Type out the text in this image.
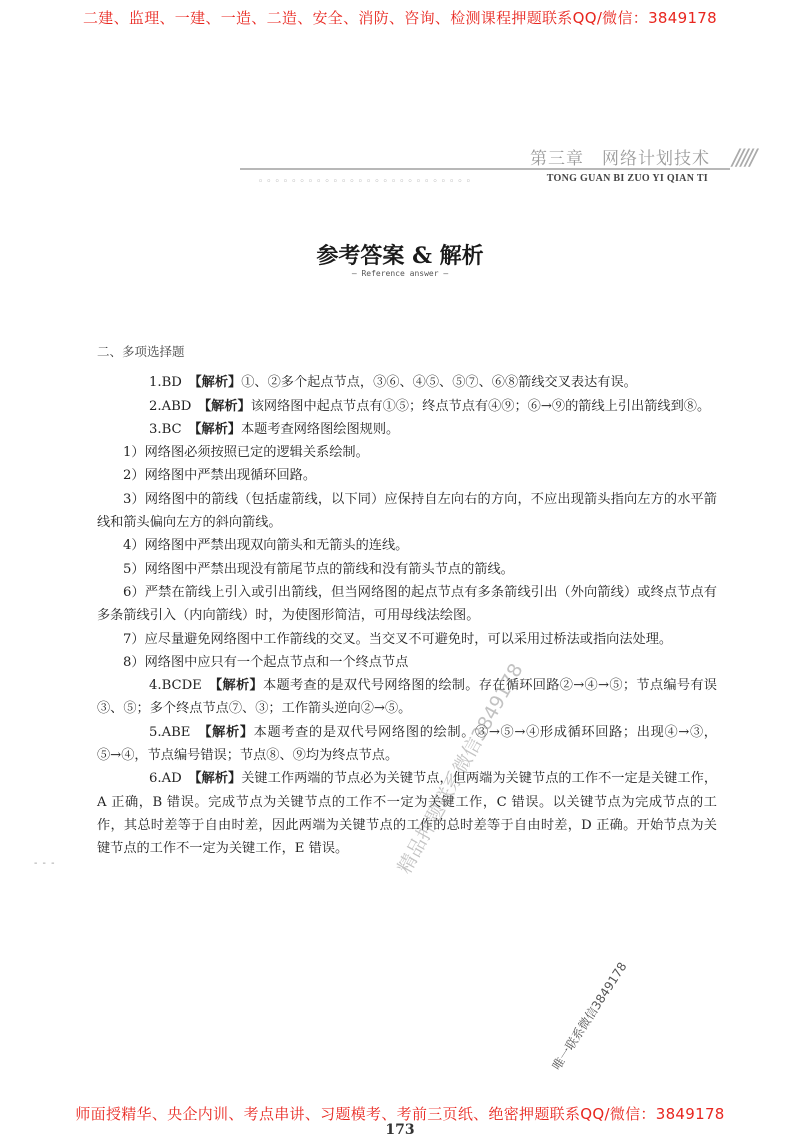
二建、监理、一建、一造、二造、安全、消防、咨询、检测课程押题联系QQ/微信：3849178
第三章　网络计划技术 /////
◦◦◦◦◦◦◦◦◦◦◦◦◦◦◦◦◦◦◦◦◦◦◦◦◦◦	TONG GUAN BI ZUO YI QIAN TI
参考答案 & 解析
— Reference answer —
二、多项选择题

1.BD　 【解析】①、②多个起点节点，③⑥、④⑤、⑤⑦、⑥⑧箭线交叉表达有误。

2.ABD　 【解析】该网络图中起点节点有①⑤；终点节点有④⑨；⑥→⑨的箭线上引出箭线到⑧。

3.BC　 【解析】本题考查网络图绘图规则。

1）网络图必须按照已定的逻辑关系绘制。

2）网络图中严禁出现循环回路。

3）网络图中的箭线（包括虚箭线，以下同）应保持自左向右的方向，不应出现箭头指向左方的水平箭线和箭头偏向左方的斜向箭线。

4）网络图中严禁出现双向箭头和无箭头的连线。

5）网络图中严禁出现没有箭尾节点的箭线和没有箭头节点的箭线。

6）严禁在箭线上引入或引出箭线，但当网络图的起点节点有多条箭线引出（外向箭线）或终点节点有多条箭线引入（内向箭线）时，为使图形简洁，可用母线法绘图。

7）应尽量避免网络图中工作箭线的交叉。当交叉不可避免时，可以采用过桥法或指向法处理。

8）网络图中应只有一个起点节点和一个终点节点

4.BCDE　 【解析】本题考查的是双代号网络图的绘制。存在循环回路②→④→⑤；节点编号有误③、⑤；多个终点节点⑦、③；工作箭头逆向②→⑤。

5.ABE　 【解析】本题考查的是双代号网络图的绘制。③→⑤→④形成循环回路；出现④→③，⑤→④，节点编号错误；节点⑧、⑨均为终点节点。

6.AD　 【解析】关键工作两端的节点必为关键节点，但两端为关键节点的工作不一定是关键工作，A 正确，B 错误。完成节点为关键节点的工作不一定为关键工作，C 错误。以关键节点为完成节点的工作，其总时差等于自由时差，因此两端为关键节点的工作的总时差等于自由时差，D 正确。开始节点为关键节点的工作不一定为关键工作，E 错误。

- - -	精品押题联系微信3849178
唯一联系微信3849178
师面授精华、央企内训、考点串讲、习题模考、考前三页纸、绝密押题联系QQ/微信：3849178
173
